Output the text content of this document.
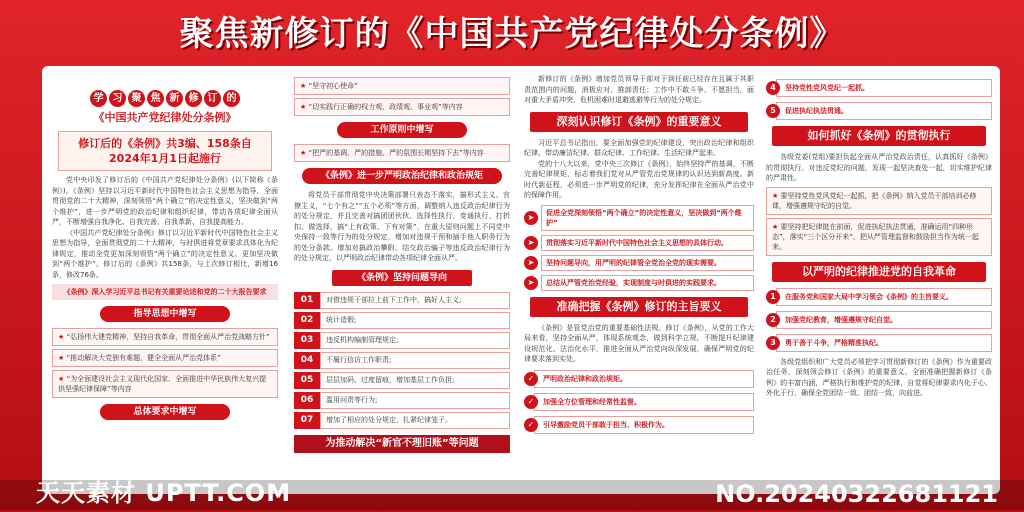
聚焦新修订的《中国共产党纪律处分条例》
学 习 聚 焦 新 修 订 的
《中国共产党纪律处分条例》
修订后的《条例》共3编、158条自2024年1月1日起施行

党中央印发了修订后的《中国共产党纪律处分条例》(以下简称《条例》)。《条例》坚持以习近平新时代中国特色社会主义思想为指导，全面贯彻党的二十大精神，深刻领悟“两个确立”的决定性意义，坚决做到“两个维护”，进一步严明党的政治纪律和组织纪律，带动各项纪律全面从严，不断增强自我净化、自我完善、自我革新、自我提高能力。

《中国共产党纪律处分条例》修订以习近平新时代中国特色社会主义思想为指导，全面贯彻党的二十大精神，与时俱进将党章要求具体化为纪律规定，推动全党更加深刻领悟“两个确立”的决定性意义、更加坚决做到“两个维护”。修订后的《条例》共158条，与上次修订相比，新增16条，修改76条。

《条例》深入学习近平总书记有关重要论述和党的二十大报告要求
指导思想中增写
★ “弘扬伟大建党精神，坚持自我革命，贯彻全面从严治党战略方针”
★ “推动解决大党独有难题，健全全面从严治党体系”
★ “为全面建设社会主义现代化国家、全面推进中华民族伟大复兴提供坚强纪律保障”等内容
总体要求中增写
★ “坚守初心使命”
★ “切实践行正确的权力观、政绩观、事业观”等内容
工作原则中增写
★ “把严的基调、严的措施、严的氛围长期坚持下去”等内容
《条例》进一步严明政治纪律和政治规矩

将党员干部贯彻党中央决策部署只表态不落实，搞形式主义、官僚主义，“七个有之”“五个必须”等方面，调整纳入违反政治纪律行为的处分规定，并且完善对搞团团伙伙、选择性执行、变通执行、打折扣、做选择，搞“上有政策、下有对策”，在重大原则问题上不同党中央保持一致等行为的处分规定，增加对违规干预和插手他人职务行为的处分条款。增加对搞政治攀附、结交政治骗子等违反政治纪律行为的处分规定，以严明政治纪律带动各项纪律全面从严。

《条例》坚持问题导向
01	对借违规干部拉上前下工作中，搞好人主义;
02	统计造假;
03	违反机构编制管理规定;
04	不履行信访工作职责;
05	层层加码、过度留痕，增加基层工作负担;
06	滥用问责等行为;
07	增加了相应的处分规定，扎紧纪律笼子。
为推动解决“新官不理旧账”等问题

新修订的《条例》增加党员领导干部对于到任前已经存在且属于其职责范围内的问题，消极应对、推卸责任；工作中不敢斗争、不愿担当，面对重大矛盾冲突、危机困难时退避逃避等行为的处分规定。

深刻认识修订《条例》的重要意义

习近平总书记指出，要全面加强党的纪律建设，突出政治纪律和组织纪律，带动廉洁纪律、群众纪律、工作纪律、生活纪律严起来。

党的十八大以来，党中央三次修订《条例》，始终坚持严的基调，不断完善纪律规矩，标志着我们党对从严管党治党规律的认识达到新高度。新时代新征程，必须进一步严明党的纪律，充分发挥纪律在全面从严治党中的保障作用。

➤	促进全党深刻领悟“两个确立”的决定性意义，坚决做到“两个维护”
➤	贯彻落实习近平新时代中国特色社会主义思想的具体行动。
➤	坚持问题导向，用严明的纪律管全党治全党的现实需要。
➤	总结从严管党治党经验，实现制度与时俱进的实践要求。
准确把握《条例》修订的主旨要义

《条例》是管党治党的重要基础性法规。修订《条例》，从党的工作大局来看，坚持全面从严，体现系统观念，做到科学立规，不断提升纪律建设规范化、法治化水平，推进全面从严治党向纵深发展，确保严明党的纪律要求落到实处。

✓	严明政治纪律和政治规矩。
✓	加强全方位管理和经常性监督。
✓	引导激励党员干部敢于担当、积极作为。
4	坚持党性党风党纪一起抓。
5	促进执纪执法贯通。
如何抓好《条例》的贯彻执行

各级党委(党组)要担负起全面从严治党政治责任，认真抓好《条例》的贯彻执行。对违反党纪的问题，发现一起坚决查处一起，切实维护纪律的严肃性。

★ 要坚持党性党风党纪一起抓，把《条例》纳入党员干部培训必修课，增强遵规守纪的自觉。
★ 要坚持把纪律挺在前面，促进执纪执法贯通，准确运用“四种形态”，落实“三个区分开来”，把从严管理监督和鼓励担当作为统一起来。
以严明的纪律推进党的自我革命
1	在服务党和国家大局中学习领会《条例》的主旨要义。
2	加强党纪教育，增强遵规守纪自觉。
3	勇于善于斗争，严格精准执纪。

各级党组织和广大党员必须把学习贯彻新修订的《条例》作为重要政治任务，深刻领会修订《条例》的重要意义，全面准确把握新修订《条例》的丰富内涵，严格执行和维护党的纪律，自觉将纪律要求内化于心、外化于行，确保全党团结一致、团结一致，向前进。

天天素材 UPTT.COM	NO.20240322681121
